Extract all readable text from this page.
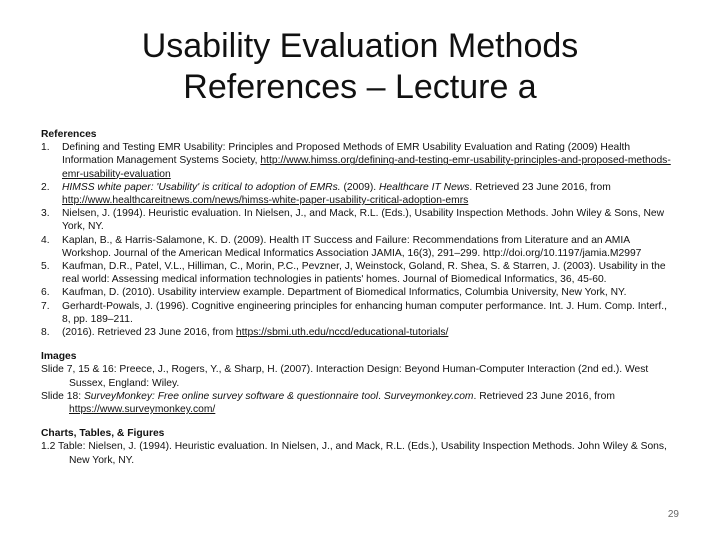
Usability Evaluation Methods
References – Lecture a

References

1. Defining and Testing EMR Usability: Principles and Proposed Methods of EMR Usability Evaluation and Rating (2009) Health Information Management Systems Society, http://www.himss.org/defining-and-testing-emr-usability-principles-and-proposed-methods-emr-usability-evaluation
2. HIMSS white paper: 'Usability' is critical to adoption of EMRs. (2009). Healthcare IT News. Retrieved 23 June 2016, from http://www.healthcareitnews.com/news/himss-white-paper-usability-critical-adoption-emrs
3. Nielsen, J. (1994). Heuristic evaluation. In Nielsen, J., and Mack, R.L. (Eds.), Usability Inspection Methods. John Wiley & Sons, New York, NY.
4. Kaplan, B., & Harris-Salamone, K. D. (2009). Health IT Success and Failure: Recommendations from Literature and an AMIA Workshop. Journal of the American Medical Informatics Association JAMIA, 16(3), 291–299. http://doi.org/10.1197/jamia.M2997
5. Kaufman, D.R., Patel, V.L., Hilliman, C., Morin, P.C., Pevzner, J, Weinstock, Goland, R. Shea, S. & Starren, J. (2003). Usability in the real world: Assessing medical information technologies in patients' homes. Journal of Biomedical Informatics, 36, 45-60.
6. Kaufman, D. (2010). Usability interview example. Department of Biomedical Informatics, Columbia University, New York, NY.
7. Gerhardt-Powals, J. (1996). Cognitive engineering principles for enhancing human computer performance. Int. J. Hum. Comp. Interf., 8, pp. 189–211.
8. (2016). Retrieved 23 June 2016, from https://sbmi.uth.edu/nccd/educational-tutorials/

Images

Slide 7, 15 & 16: Preece, J., Rogers, Y., & Sharp, H. (2007). Interaction Design: Beyond Human-Computer Interaction (2nd ed.). West Sussex, England: Wiley.

Slide 18: SurveyMonkey: Free online survey software & questionnaire tool. Surveymonkey.com. Retrieved 23 June 2016, from https://www.surveymonkey.com/

Charts, Tables, & Figures

1.2 Table: Nielsen, J. (1994). Heuristic evaluation. In Nielsen, J., and Mack, R.L. (Eds.), Usability Inspection Methods. John Wiley & Sons, New York, NY.

29
